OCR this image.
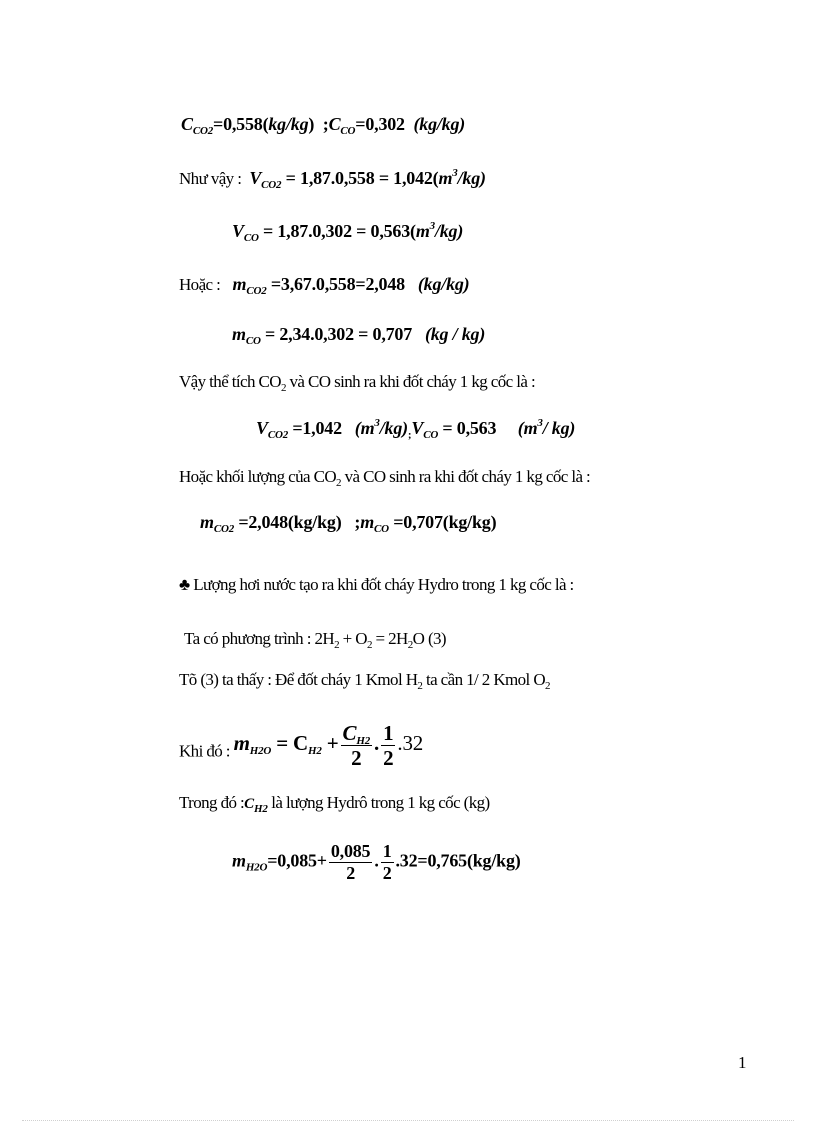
$C_{CO2}=0,558(kg/kg)$ $;C_{CO}=0,302$ (kg/kg)
Như vậy : $V_{CO2} = 1,87.0,558 = 1,042(m^3/kg)$
$V_{CO} = 1,87.0,302 = 0,563(m^3/kg)$
Hoặc : $m_{CO2} =3,67.0,558=2,048$ (kg/kg)
$m_{CO} = 2,34.0,302 = 0,707$ (kg / kg)
Vậy thể tích $CO_2$ và CO sinh ra khi đốt cháy 1 kg cốc là :
$V_{CO2} =1,042$ $(m^3/kg)_;V_{CO} = 0,563$ ($m^3/$ kg)
Hoặc khối lượng của $CO_2$ và CO sinh ra khi đốt cháy 1 kg cốc là :
$m_{CO2} =2,048(kg/kg)$ $;m_{CO} =0,707(kg/kg)$
♣ Lượng hơi nước tạo ra khi đốt cháy Hydro trong 1 kg cốc là :
Ta có phương trình : $2H_2 + O_2 = 2H_2O$ (3)
Tõ (3) ta thấy : Để đốt cháy 1 Kmol $H_2$ ta cần 1/ 2 Kmol $O_2$
Khi đó : $m_{H2O} = C_{H2} + \frac{C_{H2}}{2}$ . $\frac{1}{2} .32$
Trong đó $:C_{H2}$ là lượng Hydrô trong 1 kg cốc (kg)
$m_{H2O}=0,085+ \frac{0,085}{2}$ . $\frac{1}{2} .32=0,765(kg/kg)$
1
